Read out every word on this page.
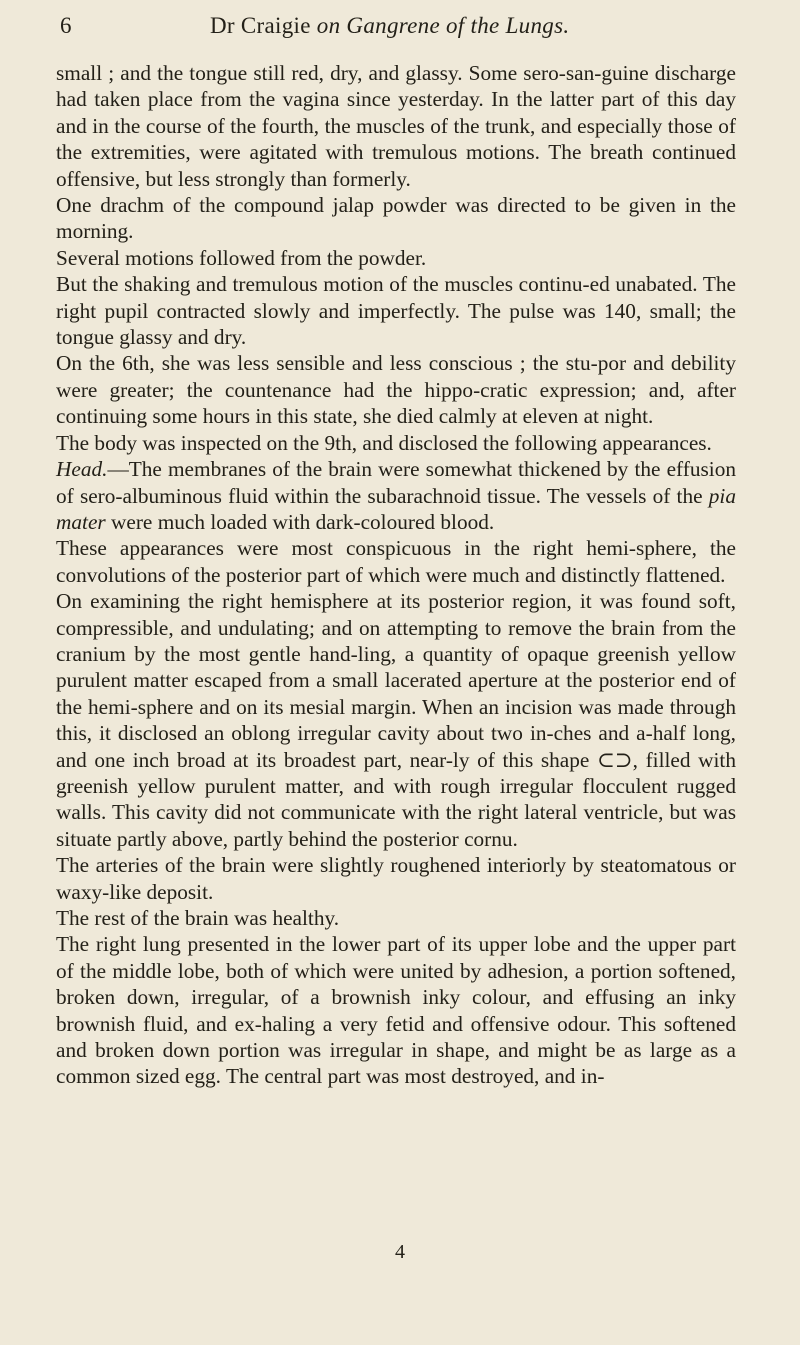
6	Dr Craigie on Gangrene of the Lungs.

small ; and the tongue still red, dry, and glassy. Some sero-san-guine discharge had taken place from the vagina since yesterday. In the latter part of this day and in the course of the fourth, the muscles of the trunk, and especially those of the extremities, were agitated with tremulous motions. The breath continued offensive, but less strongly than formerly.

One drachm of the compound jalap powder was directed to be given in the morning.

Several motions followed from the powder.

But the shaking and tremulous motion of the muscles continu-ed unabated. The right pupil contracted slowly and imperfectly. The pulse was 140, small; the tongue glassy and dry.

On the 6th, she was less sensible and less conscious ; the stu-por and debility were greater; the countenance had the hippo-cratic expression; and, after continuing some hours in this state, she died calmly at eleven at night.

The body was inspected on the 9th, and disclosed the following appearances.

Head.—The membranes of the brain were somewhat thickened by the effusion of sero-albuminous fluid within the subarachnoid tissue. The vessels of the pia mater were much loaded with dark-coloured blood.

These appearances were most conspicuous in the right hemi-sphere, the convolutions of the posterior part of which were much and distinctly flattened.

On examining the right hemisphere at its posterior region, it was found soft, compressible, and undulating; and on attempting to remove the brain from the cranium by the most gentle hand-ling, a quantity of opaque greenish yellow purulent matter escaped from a small lacerated aperture at the posterior end of the hemi-sphere and on its mesial margin. When an incision was made through this, it disclosed an oblong irregular cavity about two in-ches and a-half long, and one inch broad at its broadest part, near-ly of this shape ⊂⊃, filled with greenish yellow purulent matter, and with rough irregular flocculent rugged walls. This cavity did not communicate with the right lateral ventricle, but was situate partly above, partly behind the posterior cornu.

The arteries of the brain were slightly roughened interiorly by steatomatous or waxy-like deposit.

The rest of the brain was healthy.

The right lung presented in the lower part of its upper lobe and the upper part of the middle lobe, both of which were united by adhesion, a portion softened, broken down, irregular, of a brownish inky colour, and effusing an inky brownish fluid, and ex-haling a very fetid and offensive odour. This softened and broken down portion was irregular in shape, and might be as large as a common sized egg. The central part was most destroyed, and in-

4
